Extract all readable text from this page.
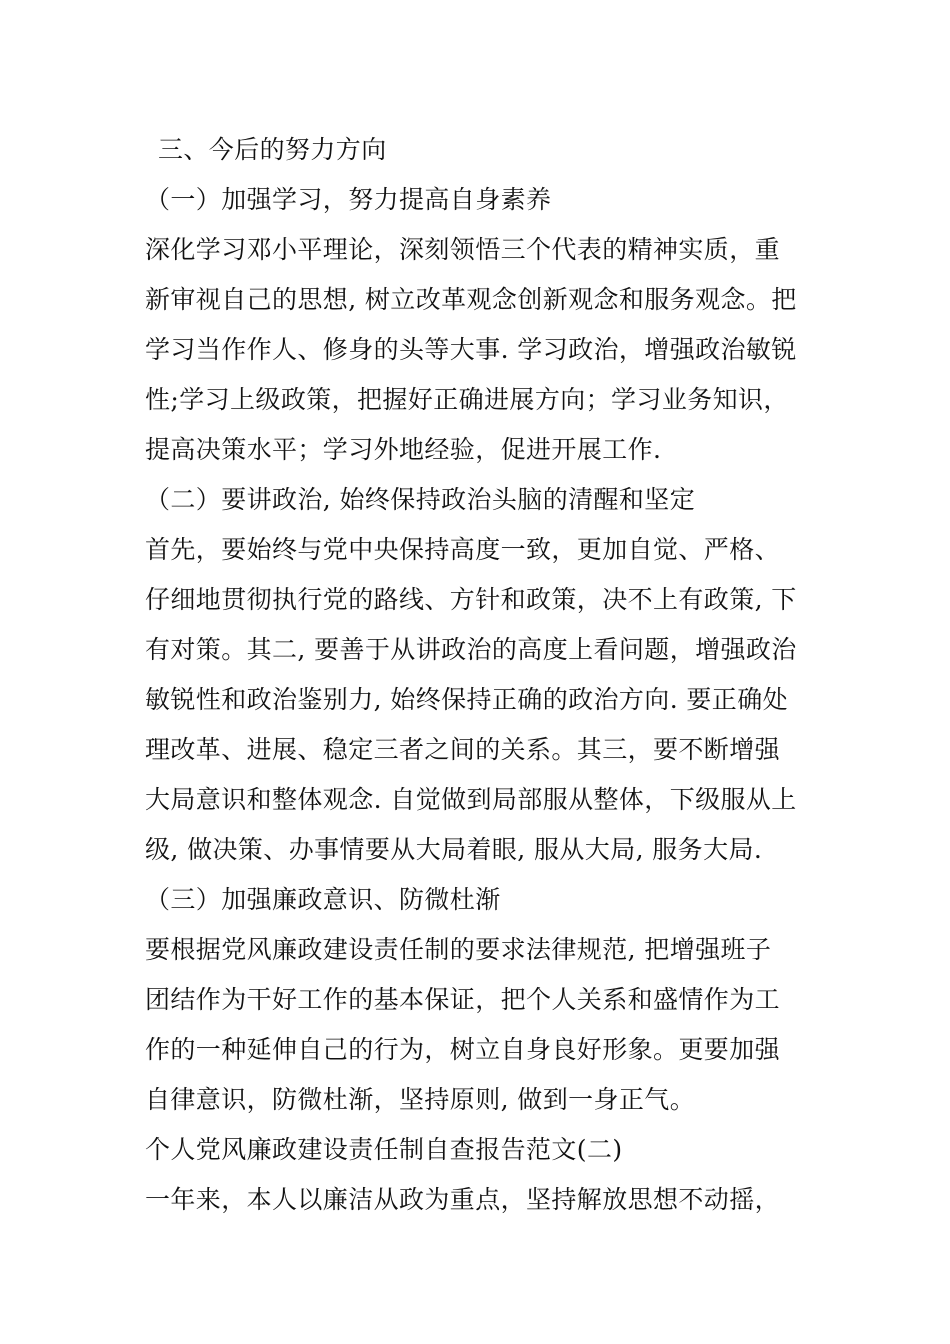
三、今后的努力方向
（一）加强学习，努力提高自身素养
深化学习邓小平理论，深刻领悟三个代表的精神实质，重
新审视自己的思想, 树立改革观念创新观念和服务观念。把
学习当作作人、修身的头等大事. 学习政治，增强政治敏锐
性;学习上级政策，把握好正确进展方向；学习业务知识，
提高决策水平；学习外地经验，促进开展工作.
（二）要讲政治, 始终保持政治头脑的清醒和坚定
首先，要始终与党中央保持高度一致，更加自觉、严格、
仔细地贯彻执行党的路线、方针和政策，决不上有政策, 下
有对策。其二, 要善于从讲政治的高度上看问题，增强政治
敏锐性和政治鉴别力, 始终保持正确的政治方向. 要正确处
理改革、进展、稳定三者之间的关系。其三，要不断增强
大局意识和整体观念. 自觉做到局部服从整体，下级服从上
级, 做决策、办事情要从大局着眼, 服从大局, 服务大局.
（三）加强廉政意识、防微杜渐
要根据党风廉政建设责任制的要求法律规范, 把增强班子
团结作为干好工作的基本保证，把个人关系和盛情作为工
作的一种延伸自己的行为，树立自身良好形象。更要加强
自律意识，防微杜渐，坚持原则, 做到一身正气。
个人党风廉政建设责任制自查报告范文(二)
一年来，本人以廉洁从政为重点，坚持解放思想不动摇，
